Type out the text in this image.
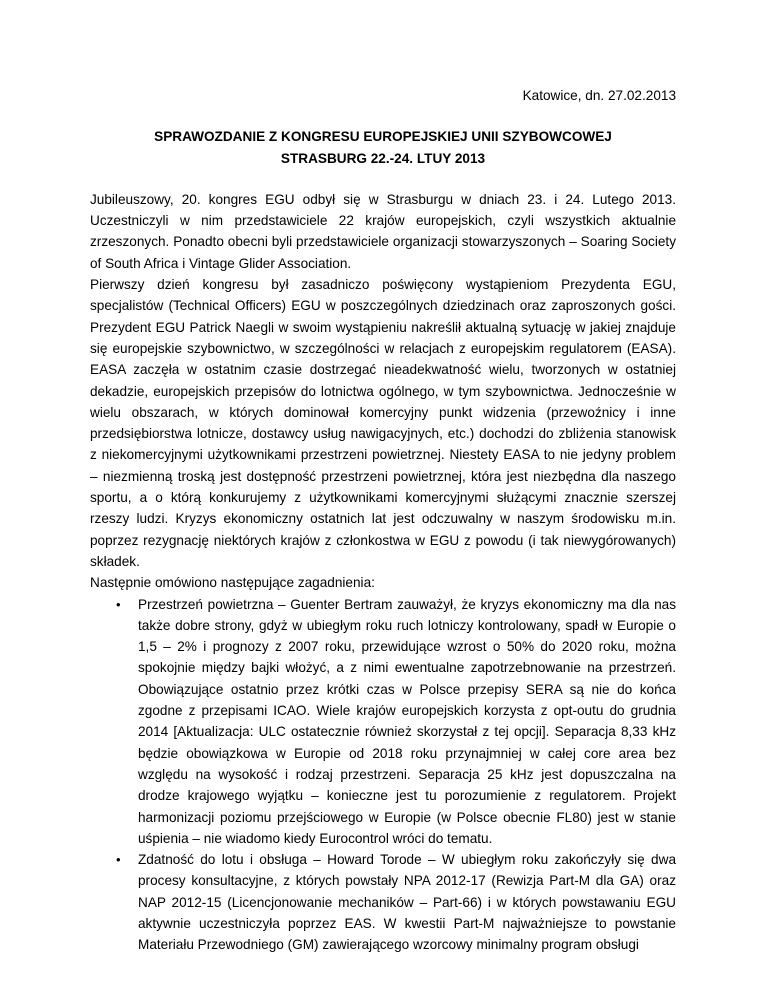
Katowice, dn. 27.02.2013

SPRAWOZDANIE Z KONGRESU EUROPEJSKIEJ UNII SZYBOWCOWEJ

STRASBURG 22.-24. LTUY 2013

Jubileuszowy, 20. kongres EGU odbył się w Strasburgu w dniach 23. i 24. Lutego 2013. Uczestniczyli w nim przedstawiciele 22 krajów europejskich, czyli wszystkich aktualnie zrzeszonych. Ponadto obecni byli przedstawiciele organizacji stowarzyszonych – Soaring Society of South Africa i Vintage Glider Association.

Pierwszy dzień kongresu był zasadniczo poświęcony wystąpieniom Prezydenta EGU, specjalistów (Technical Officers) EGU w poszczególnych dziedzinach oraz zaproszonych gości. Prezydent EGU Patrick Naegli w swoim wystąpieniu nakreślił aktualną sytuację w jakiej znajduje się europejskie szybownictwo, w szczególności w relacjach z europejskim regulatorem (EASA). EASA zaczęła w ostatnim czasie dostrzegać nieadekwatność wielu, tworzonych w ostatniej dekadzie, europejskich przepisów do lotnictwa ogólnego, w tym szybownictwa. Jednocześnie w wielu obszarach, w których dominował komercyjny punkt widzenia (przewoźnicy i inne przedsiębiorstwa lotnicze, dostawcy usług nawigacyjnych, etc.) dochodzi do zbliżenia stanowisk z niekomercyjnymi użytkownikami przestrzeni powietrznej. Niestety EASA to nie jedyny problem – niezmienną troską jest dostępność przestrzeni powietrznej, która jest niezbędna dla naszego sportu, a o którą konkurujemy z użytkownikami komercyjnymi służącymi znacznie szerszej rzeszy ludzi. Kryzys ekonomiczny ostatnich lat jest odczuwalny w naszym środowisku m.in. poprzez rezygnację niektórych krajów z członkostwa w EGU z powodu (i tak niewygórowanych) składek.

Następnie omówiono następujące zagadnienia:

• Przestrzeń powietrzna – Guenter Bertram zauważył, że kryzys ekonomiczny ma dla nas także dobre strony, gdyż w ubiegłym roku ruch lotniczy kontrolowany, spadł w Europie o 1,5 – 2% i prognozy z 2007 roku, przewidujące wzrost o 50% do 2020 roku, można spokojnie między bajki włożyć, a z nimi ewentualne zapotrzebnowanie na przestrzeń. Obowiązujące ostatnio przez krótki czas w Polsce przepisy SERA są nie do końca zgodne z przepisami ICAO. Wiele krajów europejskich korzysta z opt-outu do grudnia 2014 [Aktualizacja: ULC ostatecznie również skorzystał z tej opcji]. Separacja 8,33 kHz będzie obowiązkowa w Europie od 2018 roku przynajmniej w całej core area bez względu na wysokość i rodzaj przestrzeni. Separacja 25 kHz jest dopuszczalna na drodze krajowego wyjątku – konieczne jest tu porozumienie z regulatorem. Projekt harmonizacji poziomu przejściowego w Europie (w Polsce obecnie FL80) jest w stanie uśpienia – nie wiadomo kiedy Eurocontrol wróci do tematu.
• Zdatność do lotu i obsługa – Howard Torode – W ubiegłym roku zakończyły się dwa procesy konsultacyjne, z których powstały NPA 2012-17 (Rewizja Part-M dla GA) oraz NAP 2012-15 (Licencjonowanie mechaników – Part-66) i w których powstawaniu EGU aktywnie uczestniczyła poprzez EAS. W kwestii Part-M najważniejsze to powstanie Materiału Przewodniego (GM) zawierającego wzorcowy minimalny program obsługi
